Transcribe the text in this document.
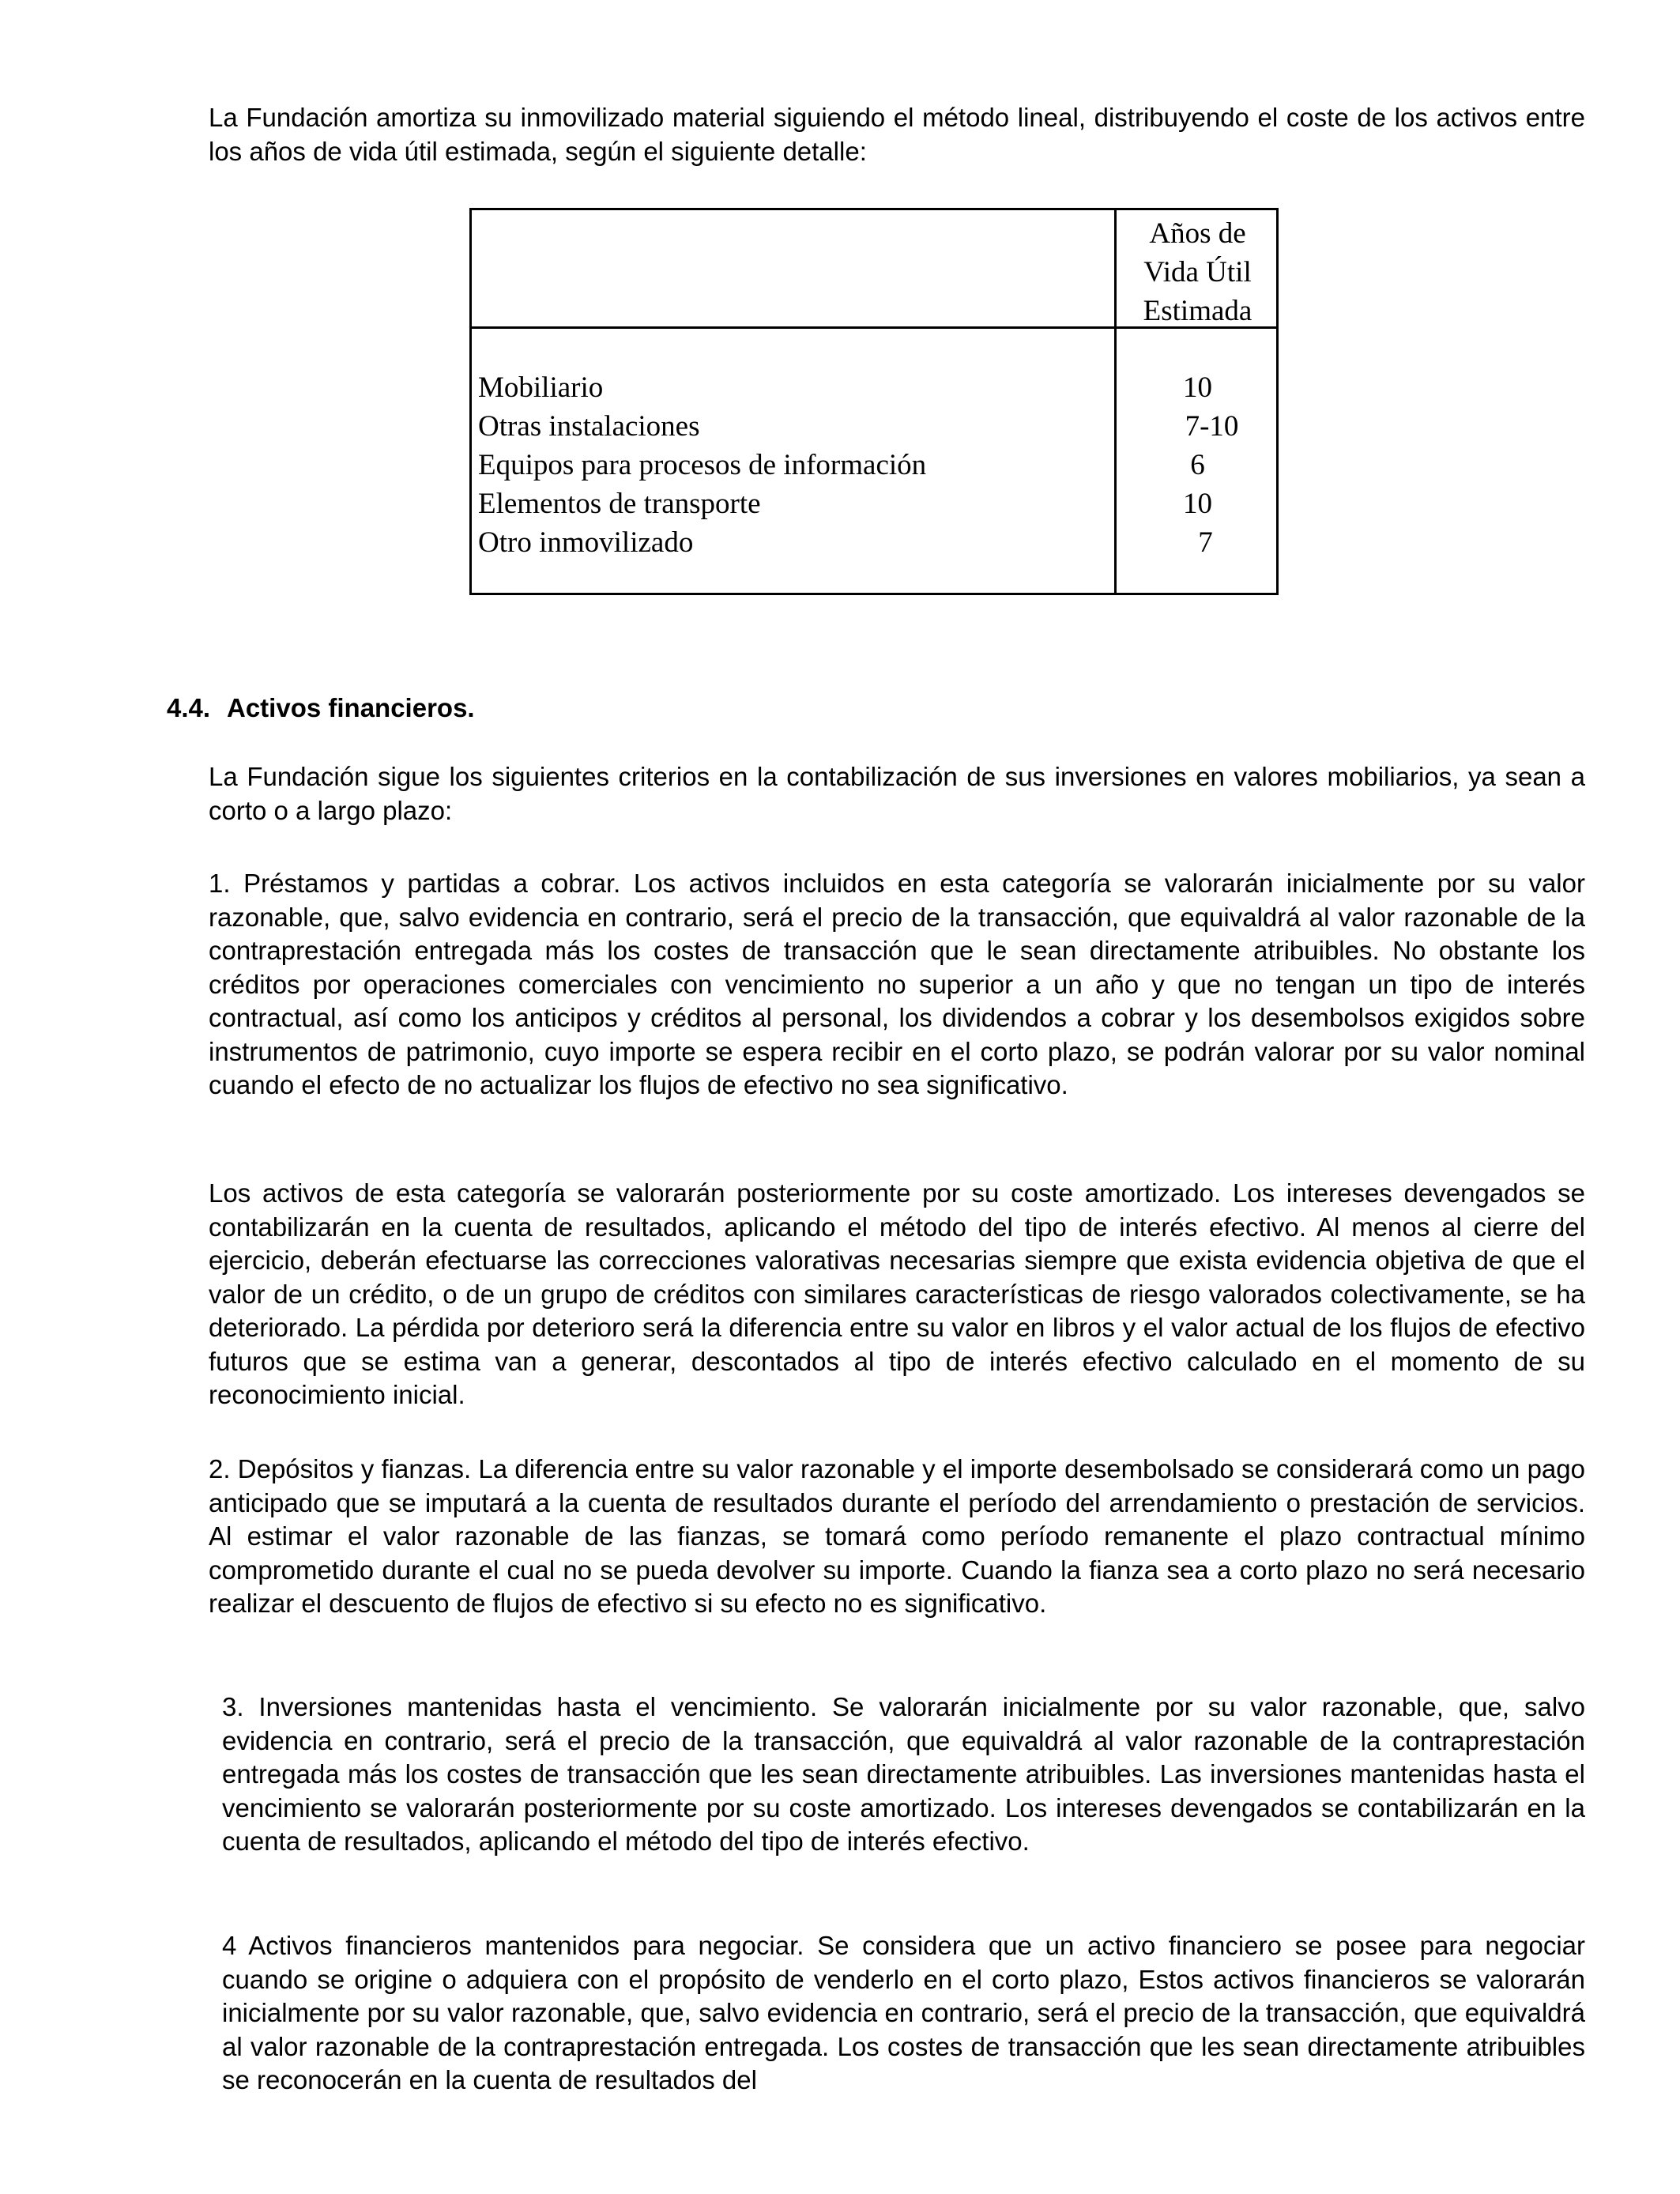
La Fundación amortiza su inmovilizado material siguiendo el método lineal, distribuyendo el coste de los activos entre los años de vida útil estimada, según el siguiente detalle:

Años de
Vida Útil
Estimada
Mobiliario	10
Otras instalaciones	7-10
Equipos para procesos de información	6
Elementos de transporte	10
Otro inmovilizado	7

4.4. Activos financieros.

La Fundación sigue los siguientes criterios en la contabilización de sus inversiones en valores mobiliarios, ya sean a corto o a largo plazo:

1. Préstamos y partidas a cobrar. Los activos incluidos en esta categoría se valorarán inicialmente por su valor razonable, que, salvo evidencia en contrario, será el precio de la transacción, que equivaldrá al valor razonable de la contraprestación entregada más los costes de transacción que le sean directamente atribuibles. No obstante los créditos por operaciones comerciales con vencimiento no superior a un año y que no tengan un tipo de interés contractual, así como los anticipos y créditos al personal, los dividendos a cobrar y los desembolsos exigidos sobre instrumentos de patrimonio, cuyo importe se espera recibir en el corto plazo, se podrán valorar por su valor nominal cuando el efecto de no actualizar los flujos de efectivo no sea significativo.

Los activos de esta categoría se valorarán posteriormente por su coste amortizado. Los intereses devengados se contabilizarán en la cuenta de resultados, aplicando el método del tipo de interés efectivo. Al menos al cierre del ejercicio, deberán efectuarse las correcciones valorativas necesarias siempre que exista evidencia objetiva de que el valor de un crédito, o de un grupo de créditos con similares características de riesgo valorados colectivamente, se ha deteriorado. La pérdida por deterioro será la diferencia entre su valor en libros y el valor actual de los flujos de efectivo futuros que se estima van a generar, descontados al tipo de interés efectivo calculado en el momento de su reconocimiento inicial.

2. Depósitos y fianzas. La diferencia entre su valor razonable y el importe desembolsado se considerará como un pago anticipado que se imputará a la cuenta de resultados durante el período del arrendamiento o prestación de servicios. Al estimar el valor razonable de las fianzas, se tomará como período remanente el plazo contractual mínimo comprometido durante el cual no se pueda devolver su importe. Cuando la fianza sea a corto plazo no será necesario realizar el descuento de flujos de efectivo si su efecto no es significativo.

3. Inversiones mantenidas hasta el vencimiento. Se valorarán inicialmente por su valor razonable, que, salvo evidencia en contrario, será el precio de la transacción, que equivaldrá al valor razonable de la contraprestación entregada más los costes de transacción que les sean directamente atribuibles. Las inversiones mantenidas hasta el vencimiento se valorarán posteriormente por su coste amortizado. Los intereses devengados se contabilizarán en la cuenta de resultados, aplicando el método del tipo de interés efectivo.

4 Activos financieros mantenidos para negociar. Se considera que un activo financiero se posee para negociar cuando se origine o adquiera con el propósito de venderlo en el corto plazo, Estos activos financieros se valorarán inicialmente por su valor razonable, que, salvo evidencia en contrario, será el precio de la transacción, que equivaldrá al valor razonable de la contraprestación entregada. Los costes de transacción que les sean directamente atribuibles se reconocerán en la cuenta de resultados del
